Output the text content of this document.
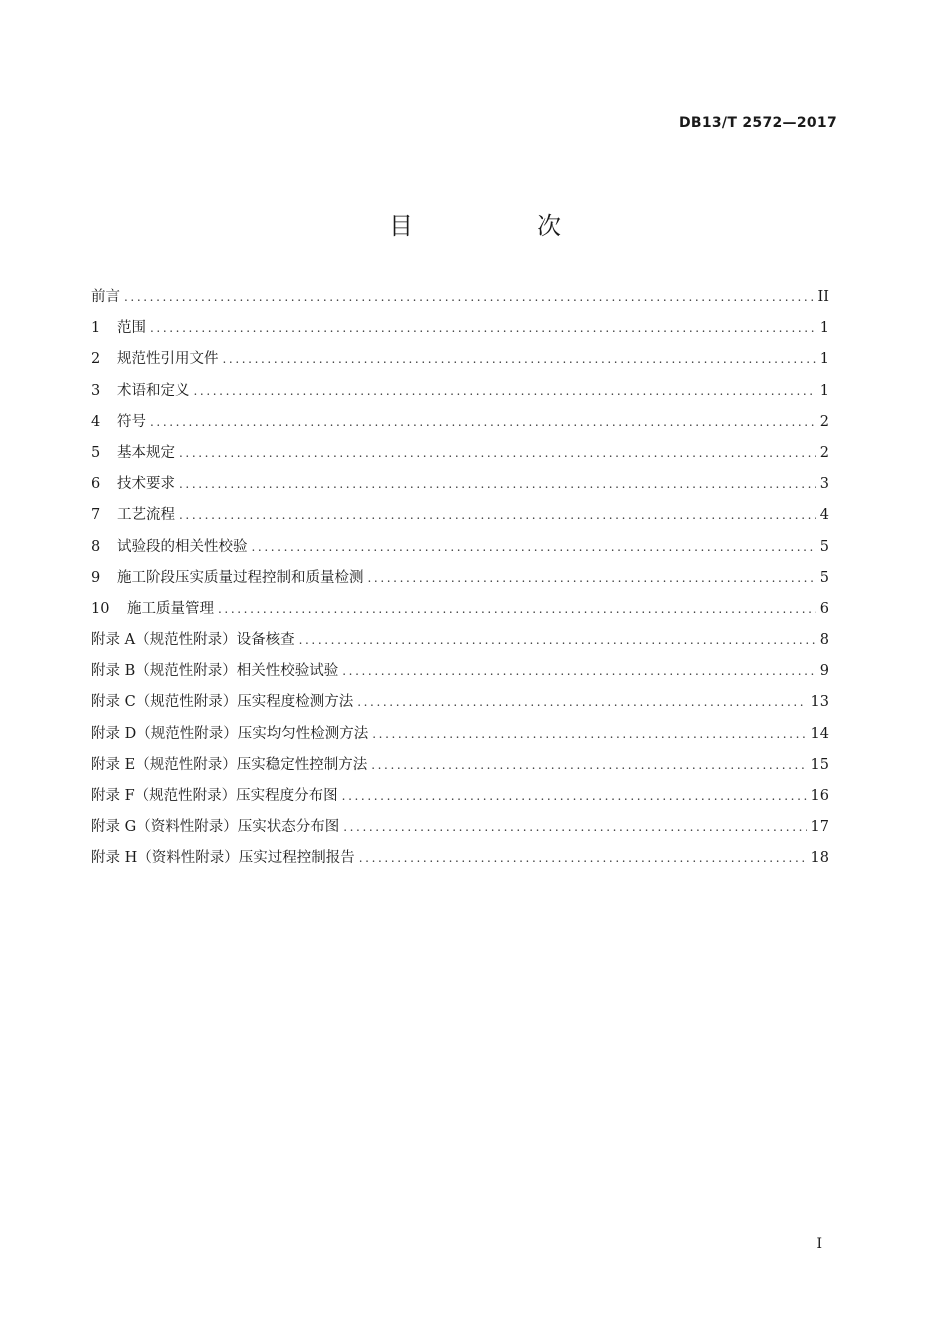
DB13/T 2572—2017
目　次
前言 .....	II
1	范围 .....	1
2	规范性引用文件 .....	1
3	术语和定义 .....	1
4	符号 .....	2
5	基本规定 .....	2
6	技术要求 .....	3
7	工艺流程 .....	4
8	试验段的相关性校验 .....	5
9	施工阶段压实质量过程控制和质量检测 .....	5
10	施工质量管理 .....	6
附录 A（规范性附录） 设备核查 .....	8
附录 B（规范性附录） 相关性校验试验 .....	9
附录 C（规范性附录） 压实程度检测方法 .....	13
附录 D（规范性附录） 压实均匀性检测方法 .....	14
附录 E（规范性附录） 压实稳定性控制方法 .....	15
附录 F（规范性附录） 压实程度分布图 .....	16
附录 G（资料性附录） 压实状态分布图 .....	17
附录 H（资料性附录） 压实过程控制报告 .....	18
I
